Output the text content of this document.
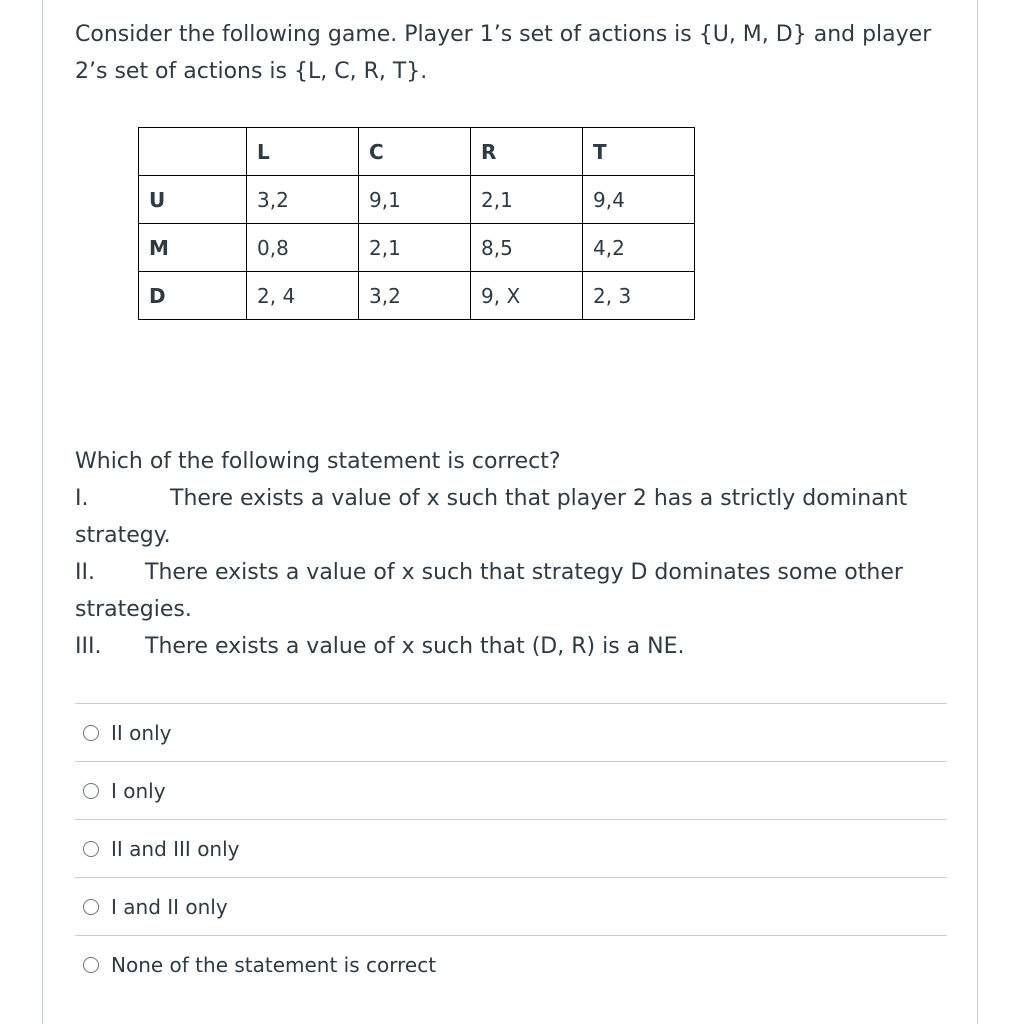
Consider the following game. Player 1’s set of actions is {U, M, D} and player 2’s set of actions is {L, C, R, T}.
	L	C	R	T
U	3,2	9,1	2,1	9,4
M	0,8	2,1	8,5	4,2
D	2, 4	3,2	9, X	2, 3
Which of the following statement is correct?
I.	There exists a value of x such that player 2 has a strictly dominant
strategy.
II. There exists a value of x such that strategy D dominates some other
strategies.
III. There exists a value of x such that (D, R) is a NE.
II only
I only
II and III only
I and II only
None of the statement is correct
